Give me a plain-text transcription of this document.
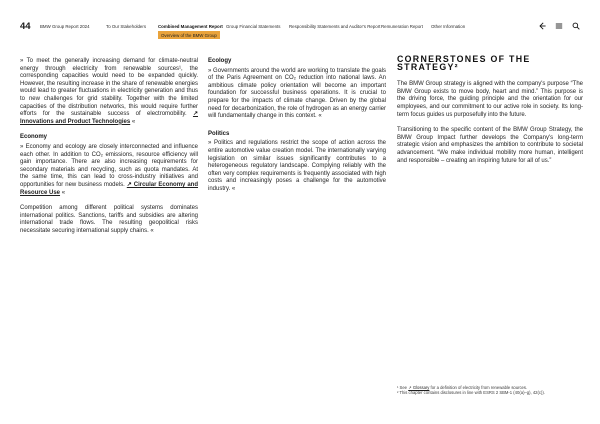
44 BMW Group Report 2024	To Our Stakeholders	Combined Management Report Group Financial Statements Responsibility Statements and Auditor's Report Remuneration Report Other Information
Overview of the BMW Group

» To meet the generally increasing demand for climate-neutral energy through electricity from renewable sources¹, the corresponding capacities would need to be expanded quickly. However, the resulting increase in the share of renewable energies would lead to greater fluctuations in electricity generation and thus to new challenges for grid stability. Together with the limited capacities of the distribution networks, this would require further efforts for the sustainable success of electromobility. ↗ Innovations and Product Technologies «

Economy

» Economy and ecology are closely interconnected and influence each other. In addition to CO₂ emissions, resource efficiency will gain importance. There are also increasing requirements for secondary materials and recycling, such as quota mandates. At the same time, this can lead to cross-industry initiatives and opportunities for new business models. ↗ Circular Economy and Resource Use «

Competition among different political systems dominates international politics. Sanctions, tariffs and subsidies are altering international trade flows. The resulting geopolitical risks necessitate securing international supply chains. «

Ecology

» Governments around the world are working to translate the goals of the Paris Agreement on CO₂ reduction into national laws. An ambitious climate policy orientation will become an important foundation for successful business operations. It is crucial to prepare for the impacts of climate change. Driven by the global need for decarbonization, the role of hydrogen as an energy carrier will fundamentally change in this context. «

Politics

» Politics and regulations restrict the scope of action across the entire automotive value creation model. The internationally varying legislation on similar issues significantly contributes to a heterogeneous regulatory landscape. Complying reliably with the often very complex requirements is frequently associated with high costs and increasingly poses a challenge for the automotive industry. «

CORNERSTONES OF THE STRATEGY²

The BMW Group strategy is aligned with the company's purpose “The BMW Group exists to move body, heart and mind.” This purpose is the driving force, the guiding principle and the orientation for our employees, and our commitment to our active role in society. Its long-term focus guides us purposefully into the future.

Transitioning to the specific content of the BMW Group Strategy, the BMW Group Impact further develops the Company's long-term strategic vision and emphasizes the ambition to contribute to societal advancement. “We make individual mobility more human, intelligent and responsible – creating an inspiring future for all of us.”

¹ See ↗ Glossary for a definition of electricity from renewable sources.
² This chapter contains disclosures in line with ESRS 2 SBM-1 (40(a)–g), 42(c)).
